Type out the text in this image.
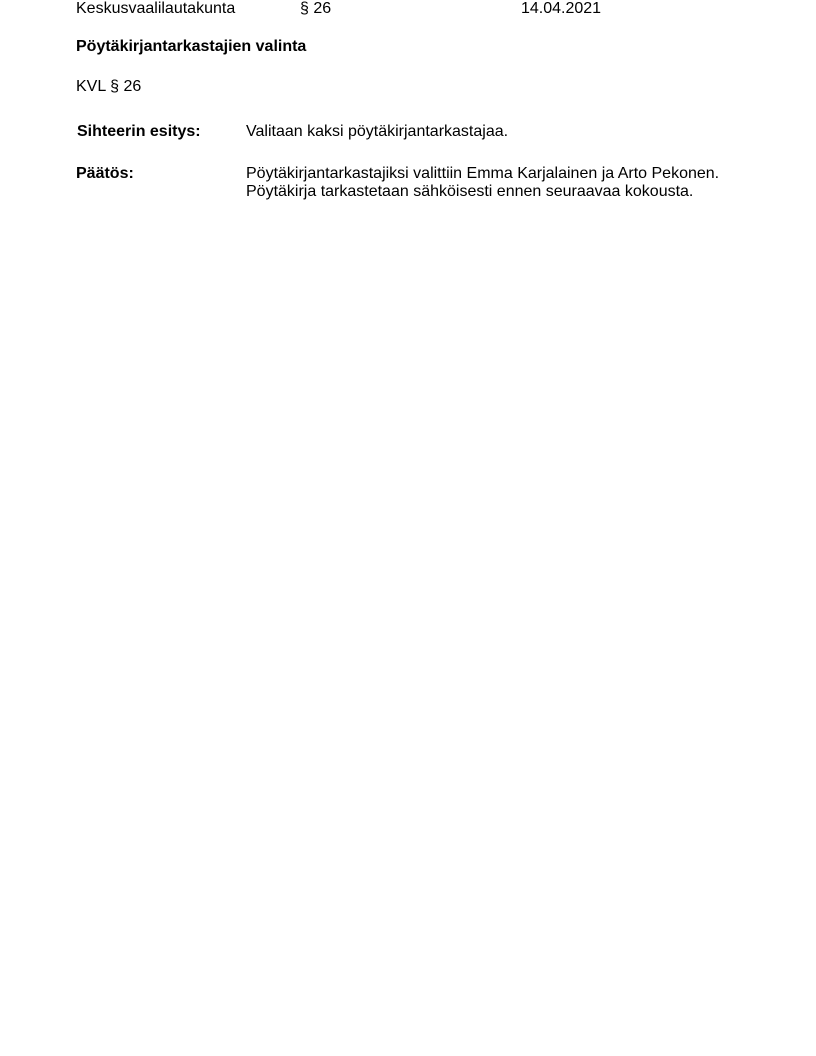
Keskusvaalilautakunta	§ 26	14.04.2021
Pöytäkirjantarkastajien valinta
KVL § 26
Sihteerin esitys:	Valitaan kaksi pöytäkirjantarkastajaa.
Päätös:	Pöytäkirjantarkastajiksi valittiin Emma Karjalainen ja Arto Pekonen.
Pöytäkirja tarkastetaan sähköisesti ennen seuraavaa kokousta.
